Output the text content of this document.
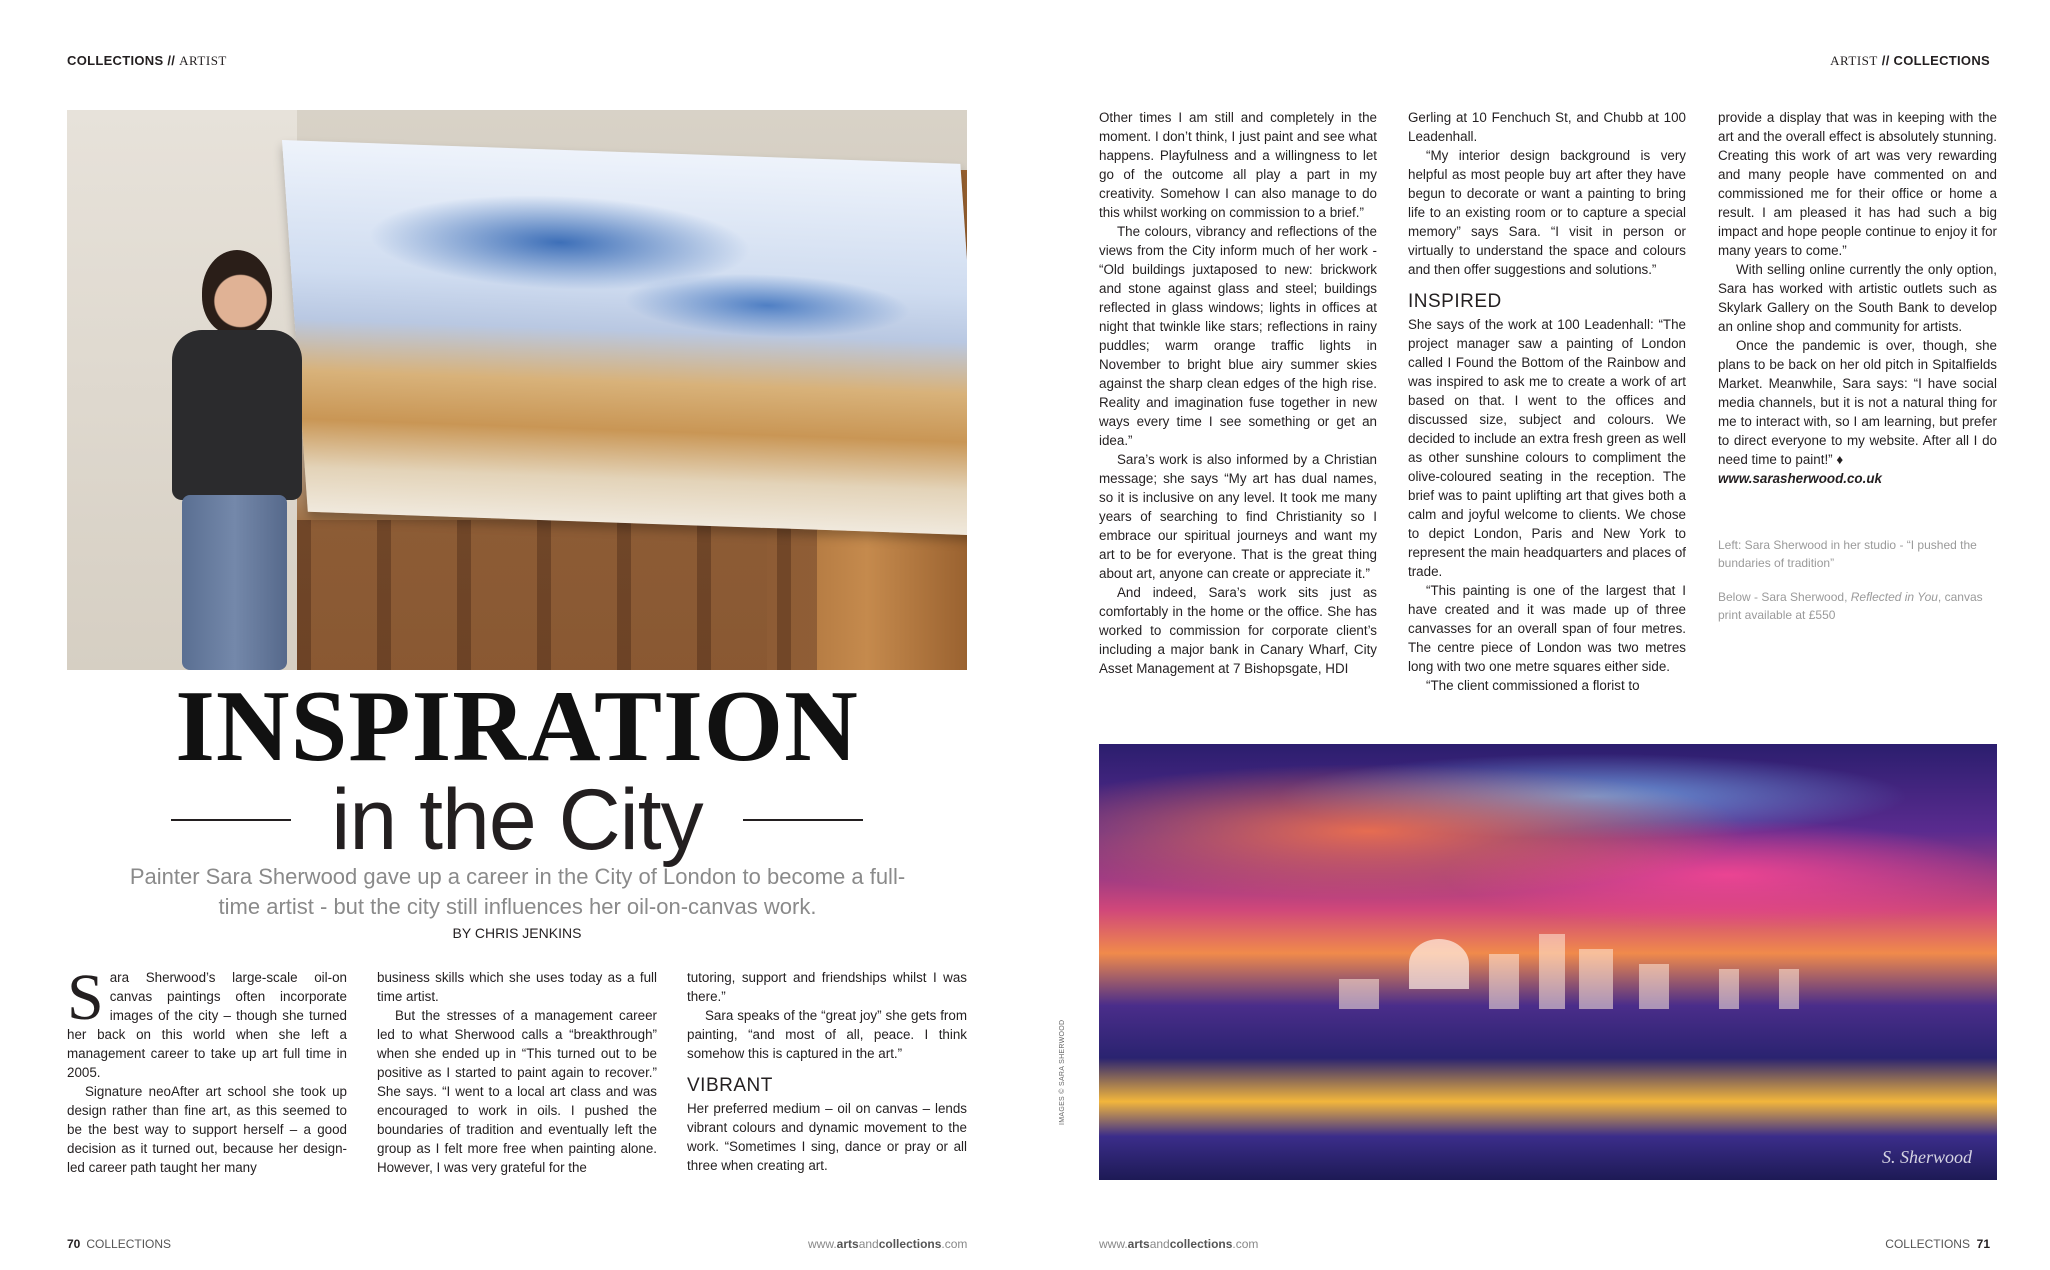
COLLECTIONS // ARTIST	ARTIST // COLLECTIONS
INSPIRATION
in the City
Painter Sara Sherwood gave up a career in the City of London to become a full-time artist - but the city still influences her oil-on-canvas work.
BY CHRIS JENKINS
S ara Sherwood’s large-scale oil-on canvas paintings often incorporate images of the city – though she turned her back on this world when she left a management career to take up art full time in 2005.

Signature neoAfter art school she took up design rather than fine art, as this seemed to be the best way to support herself – a good decision as it turned out, because her design-led career path taught her many

business skills which she uses today as a full time artist.

But the stresses of a management career led to what Sherwood calls a “breakthrough” when she ended up in “This turned out to be positive as I started to paint again to recover.” She says. “I went to a local art class and was encouraged to work in oils. I pushed the boundaries of tradition and eventually left the group as I felt more free when painting alone. However, I was very grateful for the

tutoring, support and friendships whilst I was there.”

Sara speaks of the “great joy” she gets from painting, “and most of all, peace. I think somehow this is captured in the art.”

VIBRANT

Her preferred medium – oil on canvas – lends vibrant colours and dynamic movement to the work. “Sometimes I sing, dance or pray or all three when creating art.

Other times I am still and completely in the moment. I don’t think, I just paint and see what happens. Playfulness and a willingness to let go of the outcome all play a part in my creativity. Somehow I can also manage to do this whilst working on commission to a brief.”

The colours, vibrancy and reflections of the views from the City inform much of her work - “Old buildings juxtaposed to new: brickwork and stone against glass and steel; buildings reflected in glass windows; lights in offices at night that twinkle like stars; reflections in rainy puddles; warm orange traffic lights in November to bright blue airy summer skies against the sharp clean edges of the high rise. Reality and imagination fuse together in new ways every time I see something or get an idea.”

Sara’s work is also informed by a Christian message; she says “My art has dual names, so it is inclusive on any level. It took me many years of searching to find Christianity so I embrace our spiritual journeys and want my art to be for everyone. That is the great thing about art, anyone can create or appreciate it.”

And indeed, Sara’s work sits just as comfortably in the home or the office. She has worked to commission for corporate client’s including a major bank in Canary Wharf, City Asset Management at 7 Bishopsgate, HDI

Gerling at 10 Fenchuch St, and Chubb at 100 Leadenhall.

“My interior design background is very helpful as most people buy art after they have begun to decorate or want a painting to bring life to an existing room or to capture a special memory” says Sara. “I visit in person or virtually to understand the space and colours and then offer suggestions and solutions.”

INSPIRED

She says of the work at 100 Leadenhall: “The project manager saw a painting of London called I Found the Bottom of the Rainbow and was inspired to ask me to create a work of art based on that. I went to the offices and discussed size, subject and colours. We decided to include an extra fresh green as well as other sunshine colours to compliment the olive-coloured seating in the reception. The brief was to paint uplifting art that gives both a calm and joyful welcome to clients. We chose to depict London, Paris and New York to represent the main headquarters and places of trade.

“This painting is one of the largest that I have created and it was made up of three canvasses for an overall span of four metres. The centre piece of London was two metres long with two one metre squares either side.

“The client commissioned a florist to

provide a display that was in keeping with the art and the overall effect is absolutely stunning. Creating this work of art was very rewarding and many people have commented on and commissioned me for their office or home a result. I am pleased it has had such a big impact and hope people continue to enjoy it for many years to come.”

With selling online currently the only option, Sara has worked with artistic outlets such as Skylark Gallery on the South Bank to develop an online shop and community for artists.

Once the pandemic is over, though, she plans to be back on her old pitch in Spitalfields Market. Meanwhile, Sara says: “I have social media channels, but it is not a natural thing for me to interact with, so I am learning, but prefer to direct everyone to my website. After all I do need time to paint!” ♦

www.sarasherwood.co.uk

Left: Sara Sherwood in her studio - “I pushed the bundaries of tradition”
Below - Sara Sherwood, Reflected in You, canvas print available at £550
IMAGES © SARA SHERWOOD
S. Sherwood
70 COLLECTIONS	www.artsandcollections.com	www.artsandcollections.com	COLLECTIONS 71
